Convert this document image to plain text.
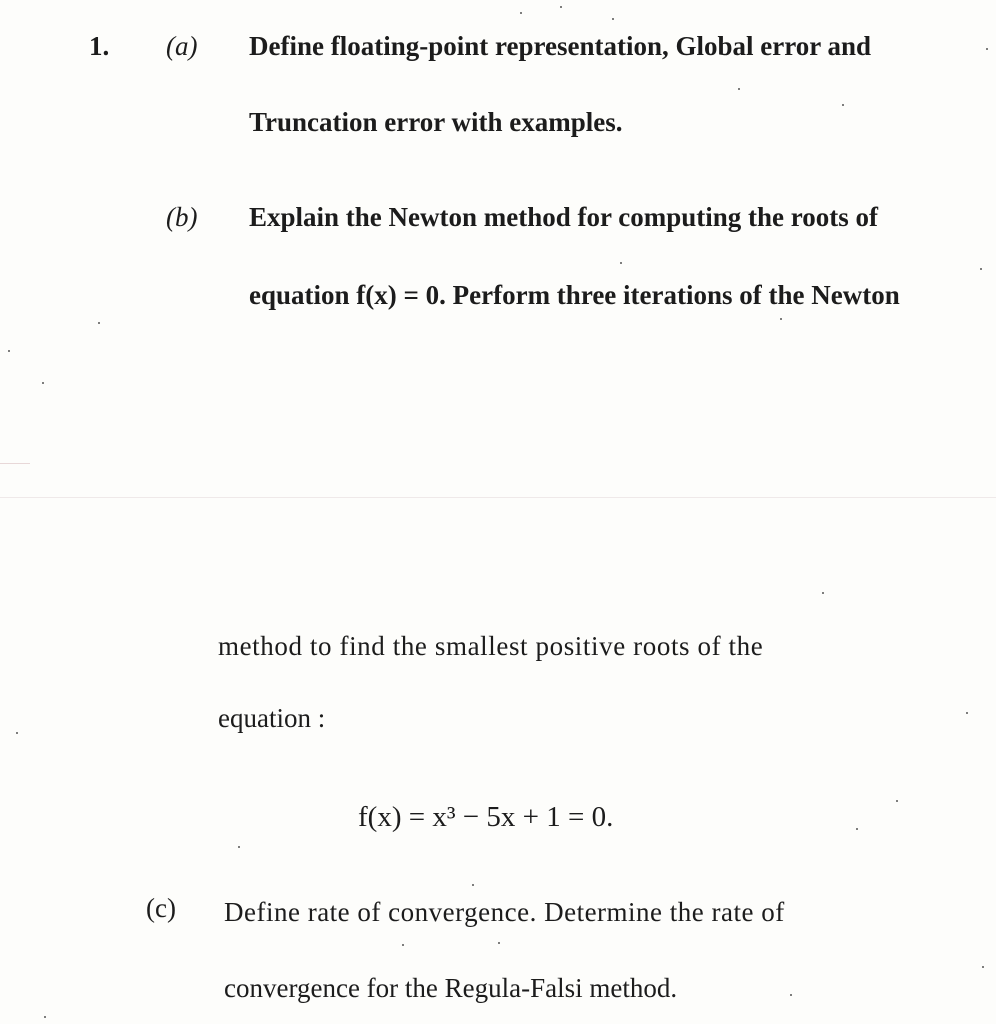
1. (a) Define floating-point representation, Global error and
Truncation error with examples.
(b) Explain the Newton method for computing the roots of
equation f(x) = 0. Perform three iterations of the Newton
method to find the smallest positive roots of the
equation :
f(x) = x³ − 5x + 1 = 0.
(c) Define rate of convergence. Determine the rate of
convergence for the Regula-Falsi method.
